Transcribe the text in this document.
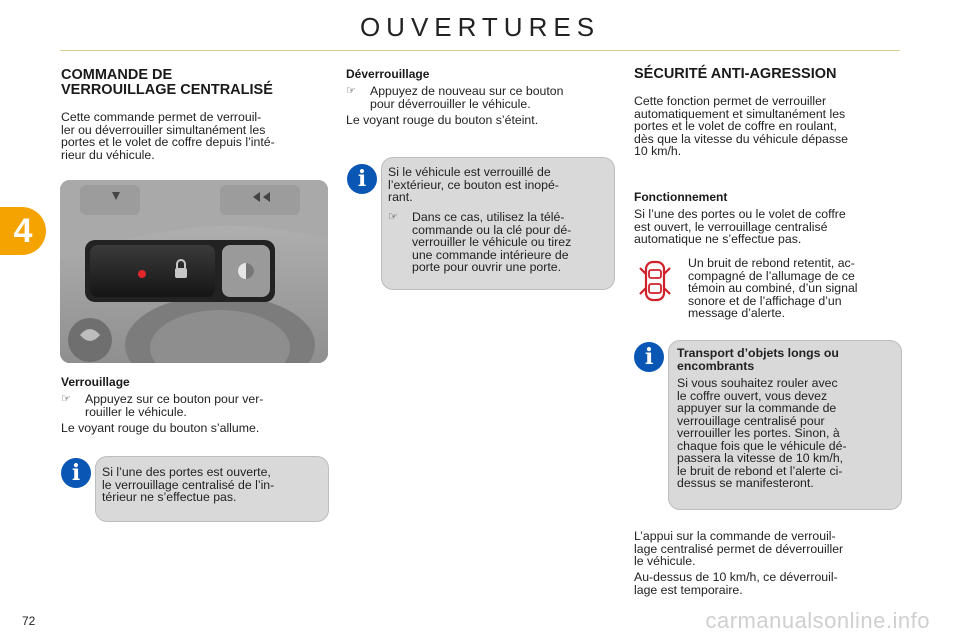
OUVERTURES
4
COMMANDE DE
VERROUILLAGE CENTRALISÉ
Cette commande permet de verrouil-
ler ou déverrouiller simultanément les
portes et le volet de coffre depuis l’inté-
rieur du véhicule.
Verrouillage
☞ Appuyez sur ce bouton pour ver-
rouiller le véhicule.
Le voyant rouge du bouton s’allume.
i	Si l’une des portes est ouverte,
le verrouillage centralisé de l’in-
térieur ne s’effectue pas.
Déverrouillage
☞ Appuyez de nouveau sur ce bouton
pour déverrouiller le véhicule.
Le voyant rouge du bouton s’éteint.
i	Si le véhicule est verrouillé de
l’extérieur, ce bouton est inopé-
rant.
☞ Dans ce cas, utilisez la télé-
commande ou la clé pour dé-
verrouiller le véhicule ou tirez
une commande intérieure de
porte pour ouvrir une porte.
SÉCURITÉ ANTI-AGRESSION
Cette fonction permet de verrouiller
automatiquement et simultanément les
portes et le volet de coffre en roulant,
dès que la vitesse du véhicule dépasse
10 km/h.
Fonctionnement
Si l’une des portes ou le volet de coffre
est ouvert, le verrouillage centralisé
automatique ne s’effectue pas.
Un bruit de rebond retentit, ac-
compagné de l’allumage de ce
témoin au combiné, d’un signal
sonore et de l’affichage d’un
message d’alerte.
i	Transport d’objets longs ou
encombrants
Si vous souhaitez rouler avec
le coffre ouvert, vous devez
appuyer sur la commande de
verrouillage centralisé pour
verrouiller les portes. Sinon, à
chaque fois que le véhicule dé-
passera la vitesse de 10 km/h,
le bruit de rebond et l’alerte ci-
dessus se manifesteront.
L’appui sur la commande de verrouil-
lage centralisé permet de déverrouiller
le véhicule.
Au-dessus de 10 km/h, ce déverrouil-
lage est temporaire.
72	carmanualsonline.info
